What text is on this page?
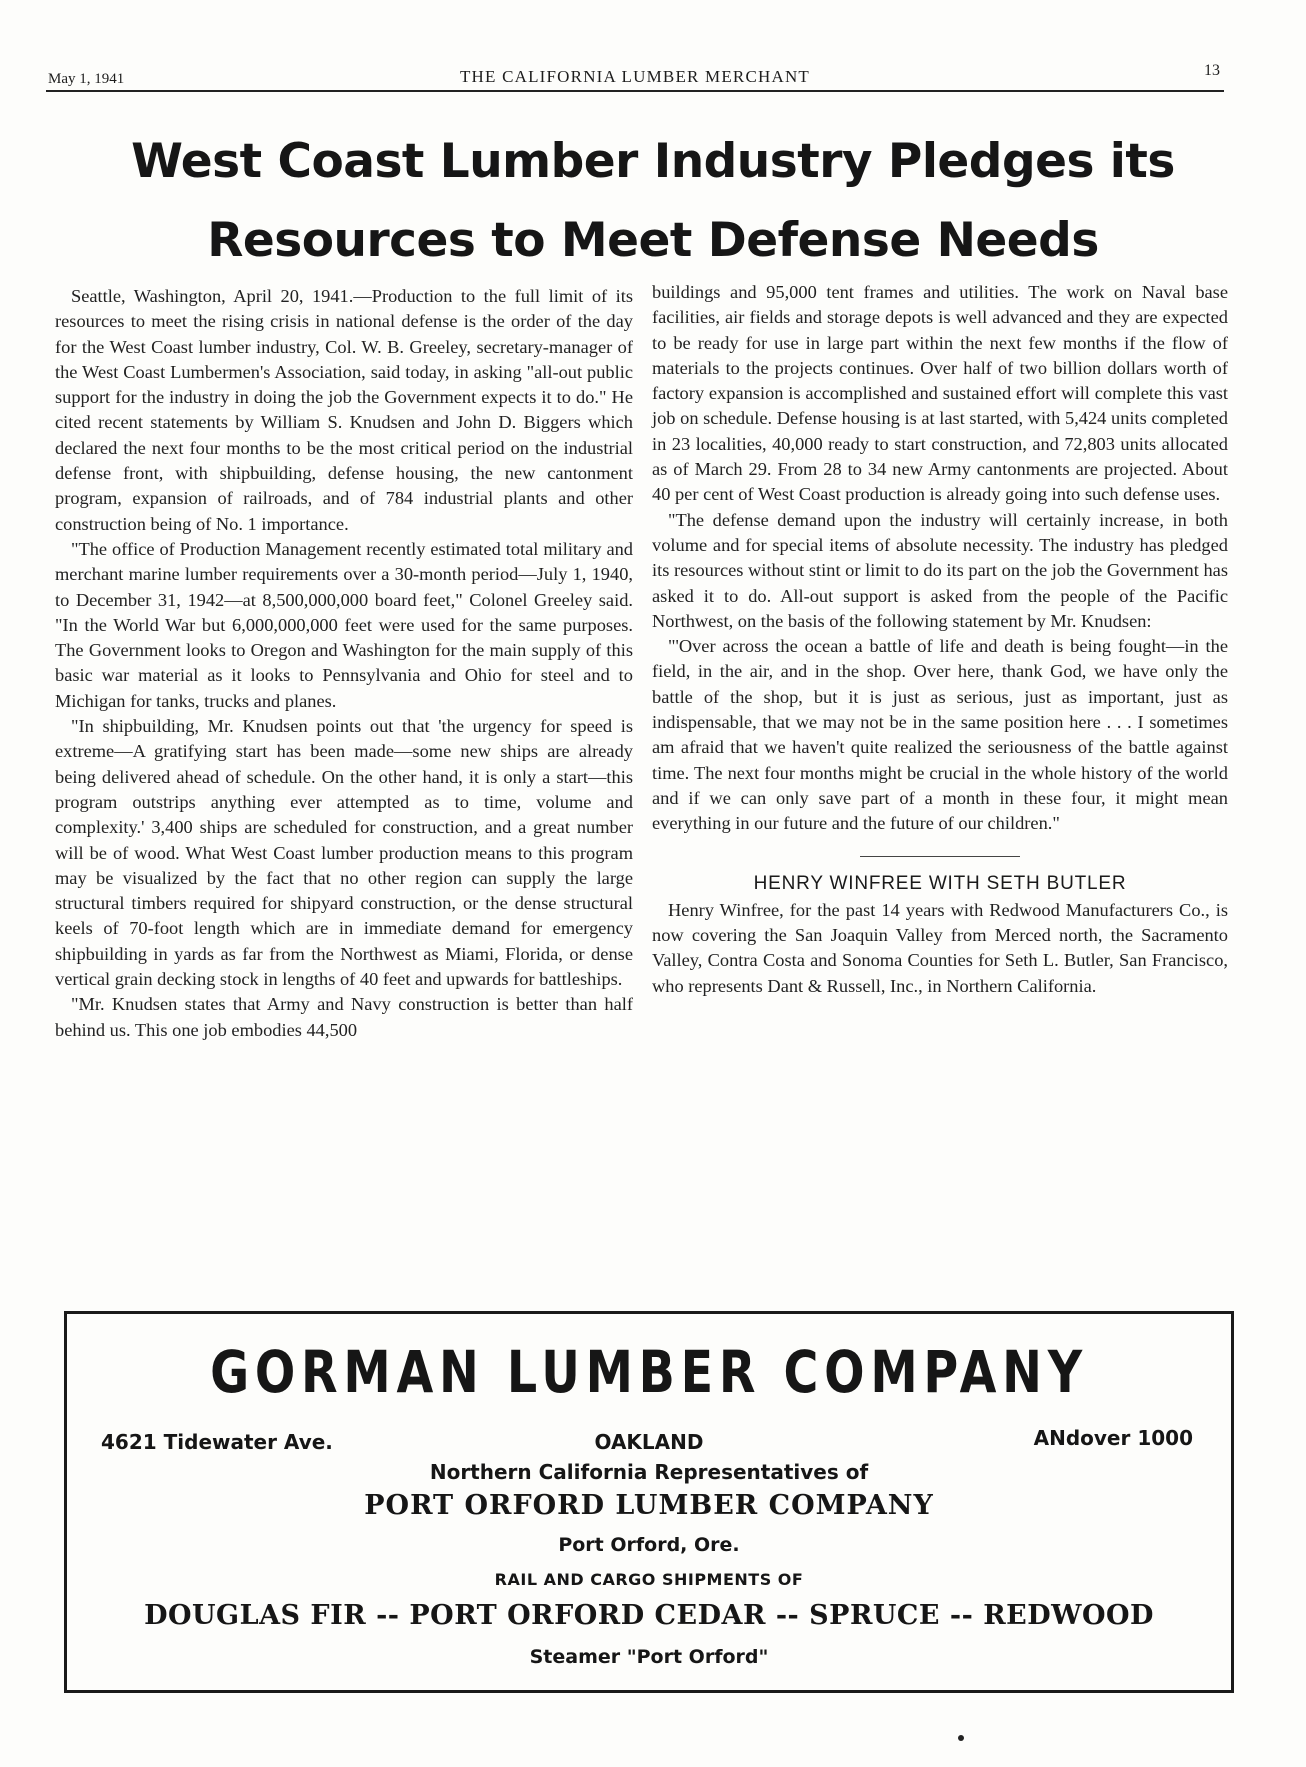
May 1, 1941	THE CALIFORNIA LUMBER MERCHANT	13
West Coast Lumber Industry Pledges its
Resources to Meet Defense Needs

Seattle, Washington, April 20, 1941.—Production to the full limit of its resources to meet the rising crisis in national defense is the order of the day for the West Coast lumber industry, Col. W. B. Greeley, secretary-manager of the West Coast Lumbermen's Association, said today, in asking "all-out public support for the industry in doing the job the Government expects it to do." He cited recent statements by William S. Knudsen and John D. Biggers which declared the next four months to be the most critical period on the industrial defense front, with shipbuilding, defense housing, the new cantonment program, expansion of railroads, and of 784 industrial plants and other construction being of No. 1 importance.

"The office of Production Management recently estimated total military and merchant marine lumber requirements over a 30-month period—July 1, 1940, to December 31, 1942—at 8,500,000,000 board feet," Colonel Greeley said. "In the World War but 6,000,000,000 feet were used for the same purposes. The Government looks to Oregon and Washington for the main supply of this basic war material as it looks to Pennsylvania and Ohio for steel and to Michigan for tanks, trucks and planes.

"In shipbuilding, Mr. Knudsen points out that 'the urgency for speed is extreme—A gratifying start has been made—some new ships are already being delivered ahead of schedule. On the other hand, it is only a start—this program outstrips anything ever attempted as to time, volume and complexity.' 3,400 ships are scheduled for construction, and a great number will be of wood. What West Coast lumber production means to this program may be visualized by the fact that no other region can supply the large structural timbers required for shipyard construction, or the dense structural keels of 70-foot length which are in immediate demand for emergency shipbuilding in yards as far from the Northwest as Miami, Florida, or dense vertical grain decking stock in lengths of 40 feet and upwards for battleships.

"Mr. Knudsen states that Army and Navy construction is better than half behind us. This one job embodies 44,500

buildings and 95,000 tent frames and utilities. The work on Naval base facilities, air fields and storage depots is well advanced and they are expected to be ready for use in large part within the next few months if the flow of materials to the projects continues. Over half of two billion dollars worth of factory expansion is accomplished and sustained effort will complete this vast job on schedule. Defense housing is at last started, with 5,424 units completed in 23 localities, 40,000 ready to start construction, and 72,803 units allocated as of March 29. From 28 to 34 new Army cantonments are projected. About 40 per cent of West Coast production is already going into such defense uses.

"The defense demand upon the industry will certainly increase, in both volume and for special items of absolute necessity. The industry has pledged its resources without stint or limit to do its part on the job the Government has asked it to do. All-out support is asked from the people of the Pacific Northwest, on the basis of the following statement by Mr. Knudsen:

"'Over across the ocean a battle of life and death is being fought—in the field, in the air, and in the shop. Over here, thank God, we have only the battle of the shop, but it is just as serious, just as important, just as indispensable, that we may not be in the same position here . . . I sometimes am afraid that we haven't quite realized the seriousness of the battle against time. The next four months might be crucial in the whole history of the world and if we can only save part of a month in these four, it might mean everything in our future and the future of our children."

HENRY WINFREE WITH SETH BUTLER

Henry Winfree, for the past 14 years with Redwood Manufacturers Co., is now covering the San Joaquin Valley from Merced north, the Sacramento Valley, Contra Costa and Sonoma Counties for Seth L. Butler, San Francisco, who represents Dant & Russell, Inc., in Northern California.

GORMAN LUMBER COMPANY
4621 Tidewater Ave.	OAKLAND	ANdover 1000
Northern California Representatives of
PORT ORFORD LUMBER COMPANY
Port Orford, Ore.
RAIL AND CARGO SHIPMENTS OF
DOUGLAS FIR -- PORT ORFORD CEDAR -- SPRUCE -- REDWOOD
Steamer "Port Orford"
